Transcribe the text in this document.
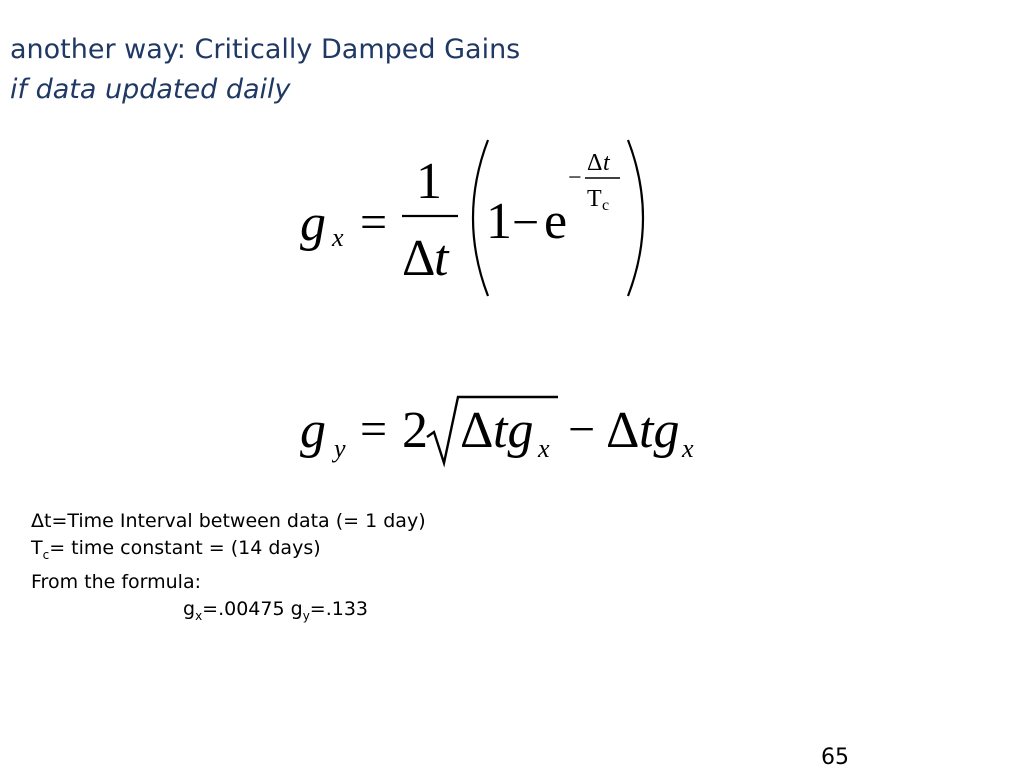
another way: Critically Damped Gains
if data updated daily
g x =
1
Δ
t
1 − e
−
Δ t
T c
g y = 2 Δ tg x − Δ tg x
Δt=Time Interval between data (= 1 day)
$T_c=$ time constant = (14 days)
From the formula:
$g_x=.00475$ $g_y=.133$
65
